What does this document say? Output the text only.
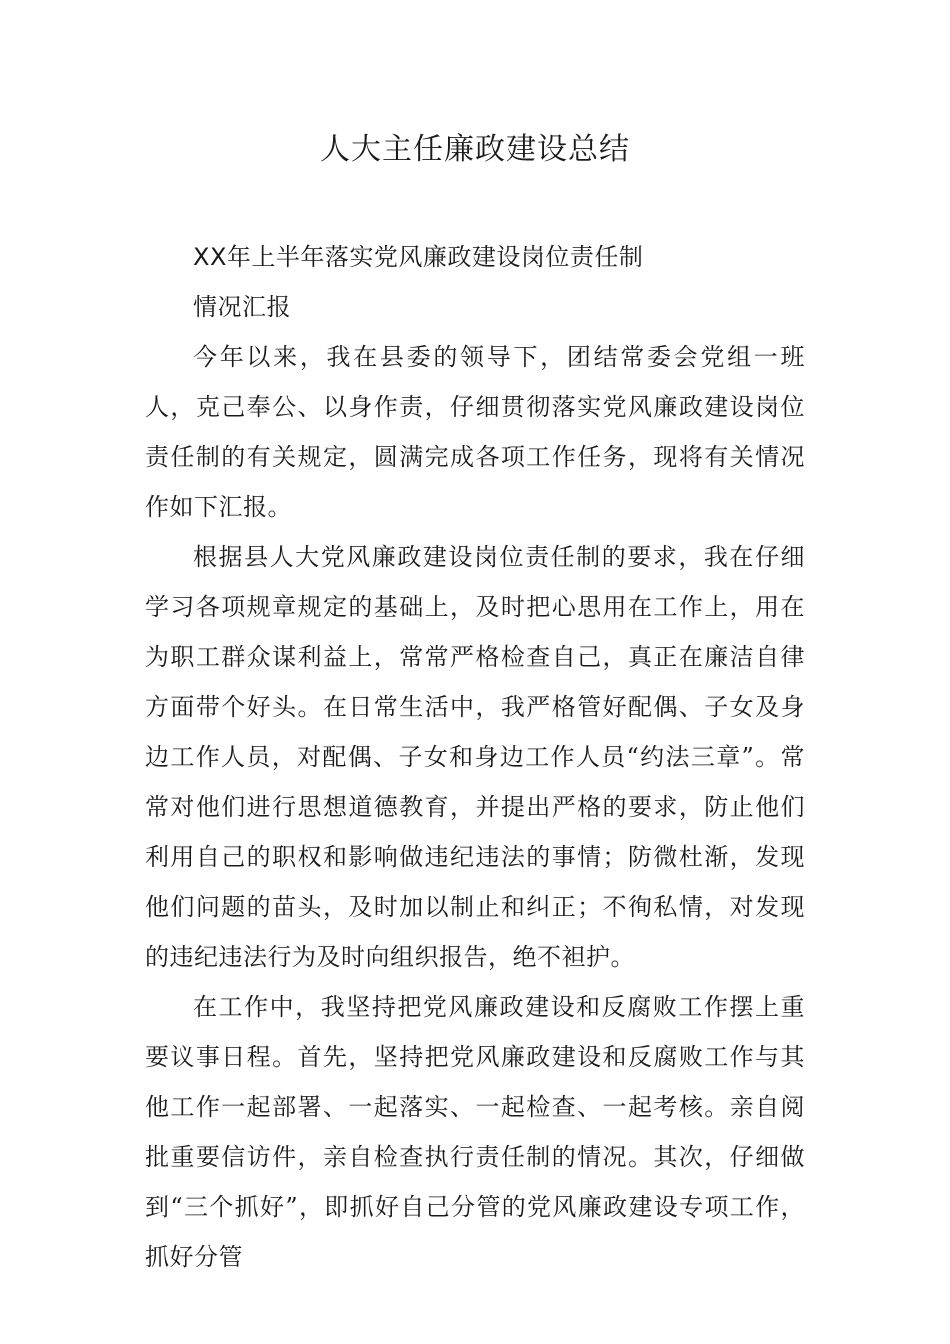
人大主任廉政建设总结

XX年上半年落实党风廉政建设岗位责任制

情况汇报

今年以来，我在县委的领导下，团结常委会党组一班人，克己奉公、以身作责，仔细贯彻落实党风廉政建设岗位责任制的有关规定，圆满完成各项工作任务，现将有关情况作如下汇报。

根据县人大党风廉政建设岗位责任制的要求，我在仔细学习各项规章规定的基础上，及时把心思用在工作上，用在为职工群众谋利益上，常常严格检查自己，真正在廉洁自律方面带个好头。在日常生活中，我严格管好配偶、子女及身边工作人员，对配偶、子女和身边工作人员“约法三章”。常常对他们进行思想道德教育，并提出严格的要求，防止他们利用自己的职权和影响做违纪违法的事情；防微杜渐，发现他们问题的苗头，及时加以制止和纠正；不徇私情，对发现的违纪违法行为及时向组织报告，绝不袒护。

在工作中，我坚持把党风廉政建设和反腐败工作摆上重要议事日程。首先，坚持把党风廉政建设和反腐败工作与其他工作一起部署、一起落实、一起检查、一起考核。亲自阅批重要信访件，亲自检查执行责任制的情况。其次，仔细做到“三个抓好”，即抓好自己分管的党风廉政建设专项工作，抓好分管
